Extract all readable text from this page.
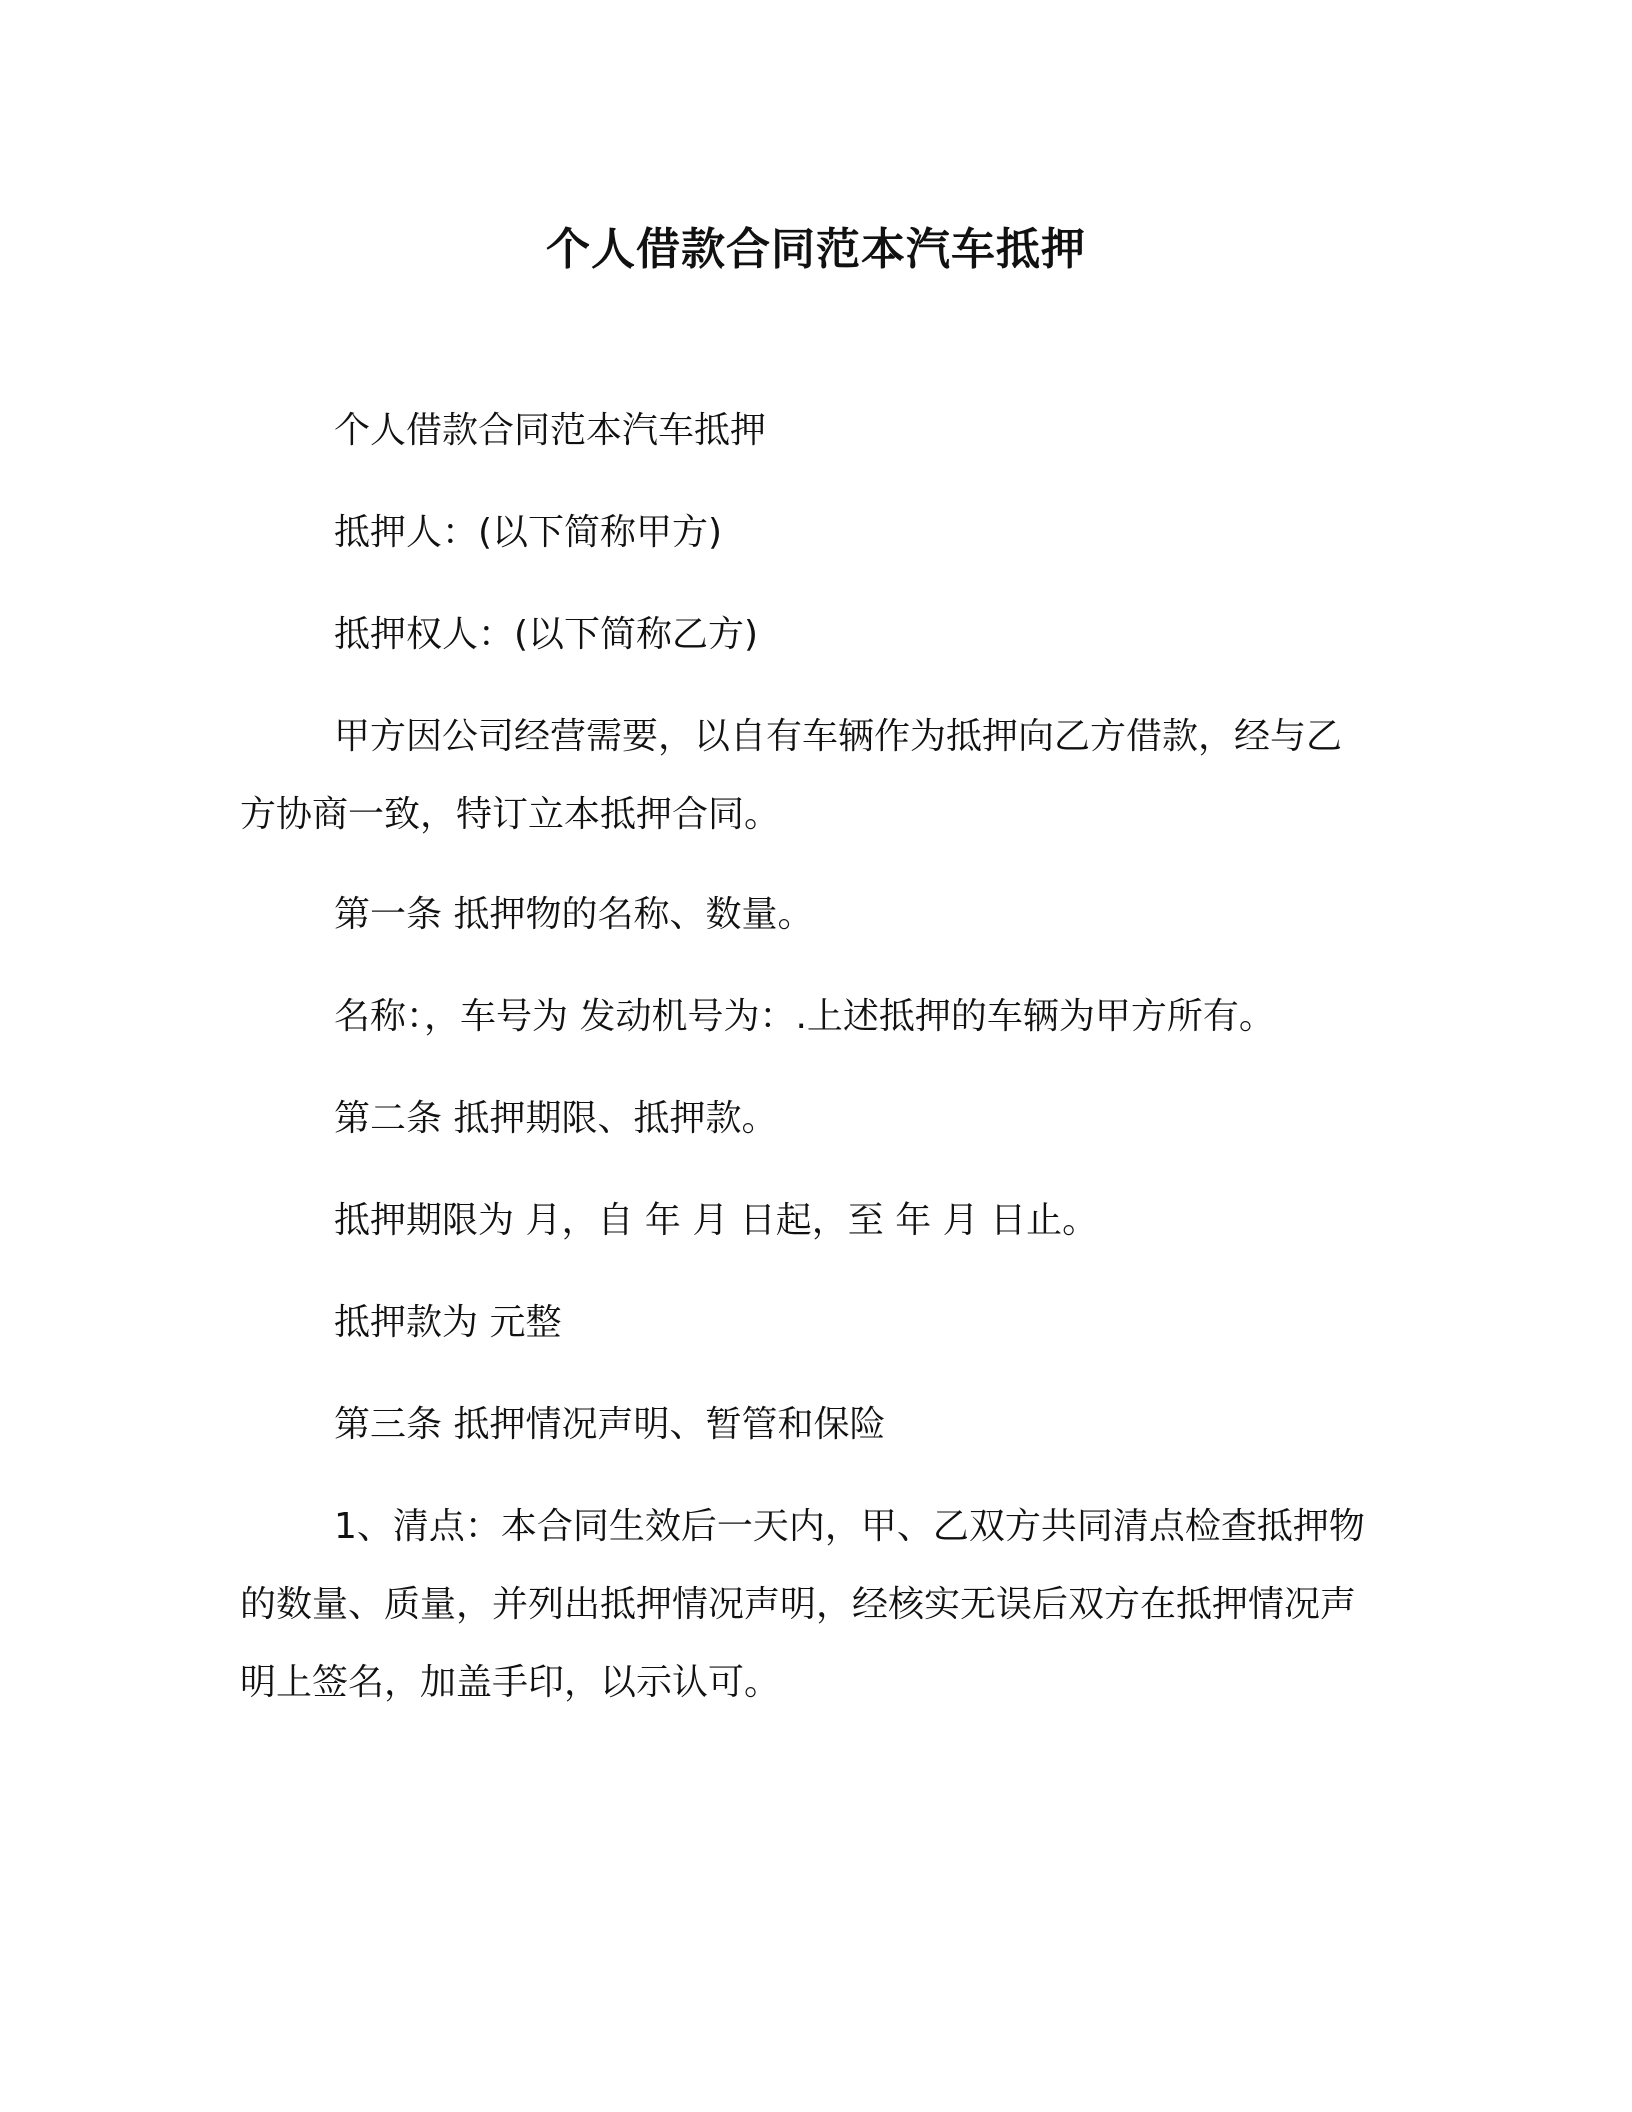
个人借款合同范本汽车抵押
个人借款合同范本汽车抵押
抵押人：(以下简称甲方)
抵押权人：(以下简称乙方)
甲方因公司经营需要，以自有车辆作为抵押向乙方借款，经与乙方协商一致，特订立本抵押合同。
第一条 抵押物的名称、数量。
名称：，车号为 发动机号为：.上述抵押的车辆为甲方所有。
第二条 抵押期限、抵押款。
抵押期限为 月，自 年 月 日起，至 年 月 日止。
抵押款为 元整
第三条 抵押情况声明、暂管和保险
1、清点：本合同生效后一天内，甲、乙双方共同清点检查抵押物的数量、质量，并列出抵押情况声明，经核实无误后双方在抵押情况声明上签名，加盖手印，以示认可。
